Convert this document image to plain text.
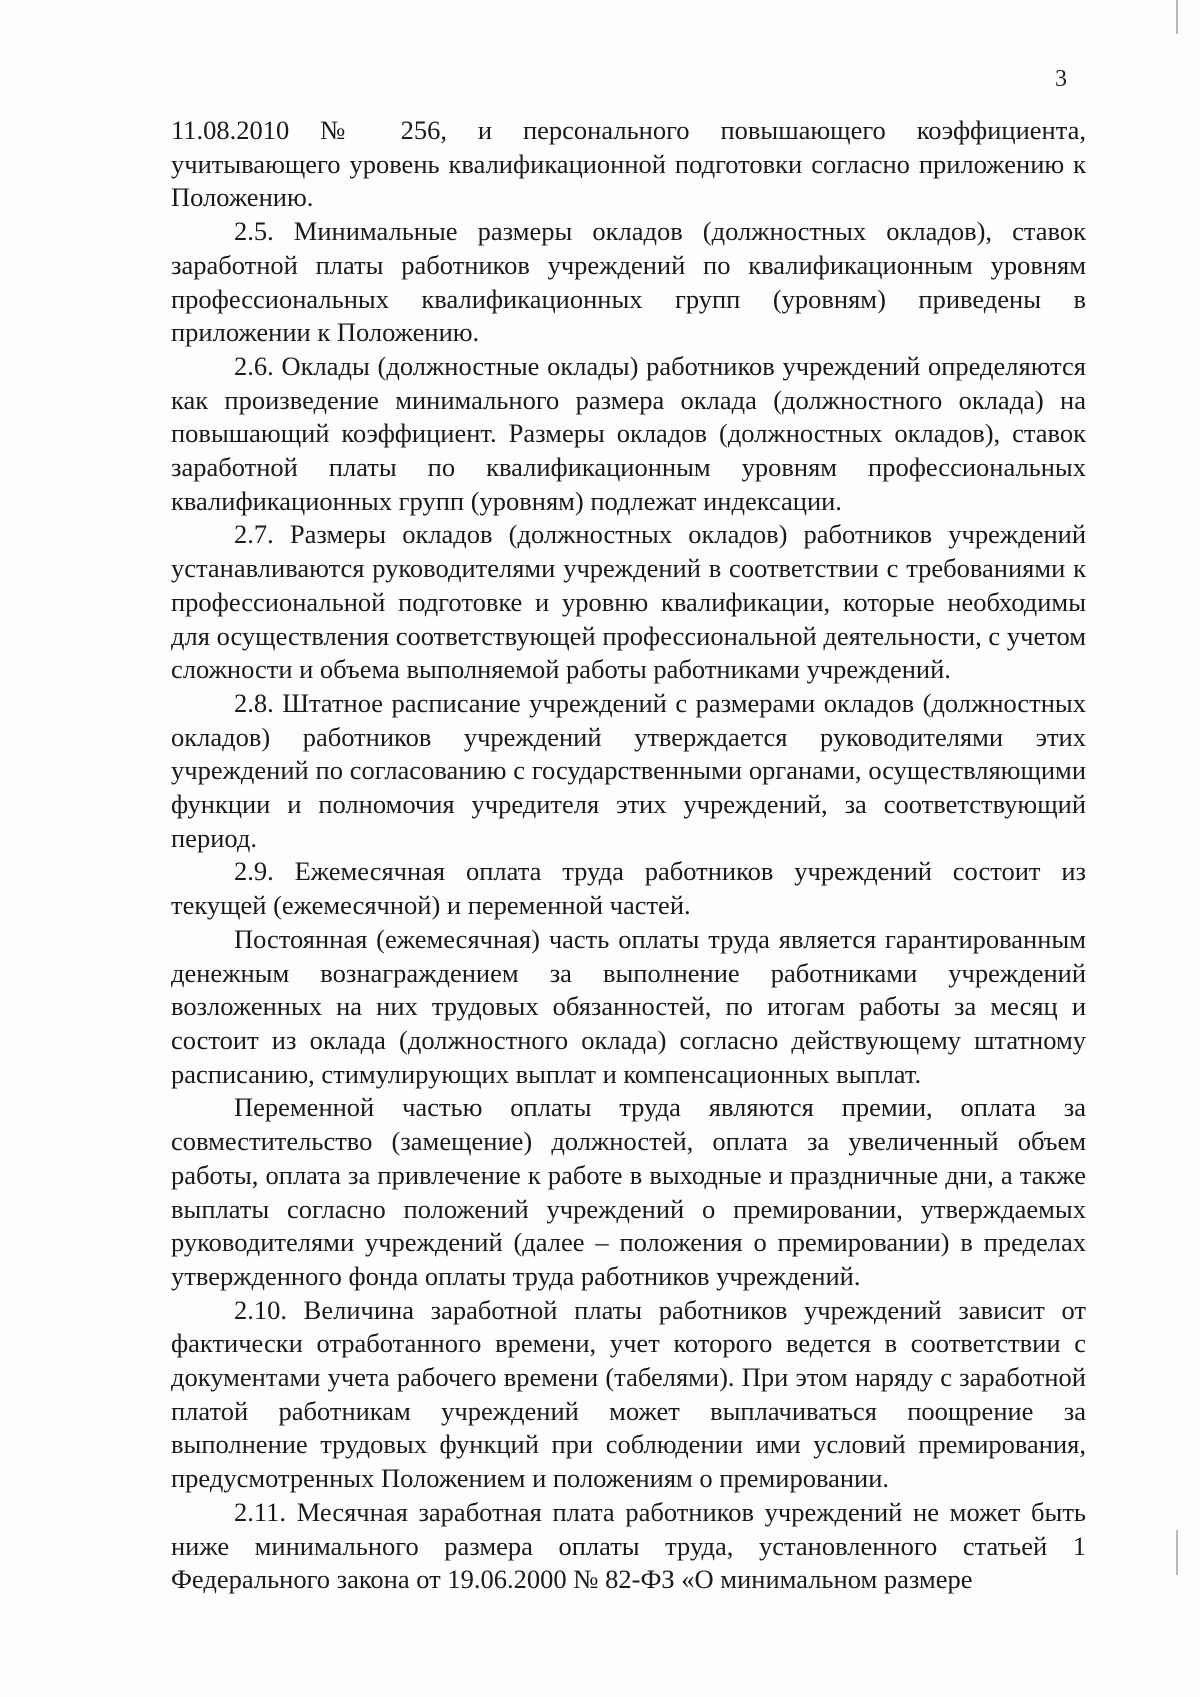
3

11.08.2010 № 256, и персонального повышающего коэффициента, учитывающего уровень квалификационной подготовки согласно приложению к Положению.

2.5. Минимальные размеры окладов (должностных окладов), ставок заработной платы работников учреждений по квалификационным уровням профессиональных квалификационных групп (уровням) приведены в приложении к Положению.

2.6. Оклады (должностные оклады) работников учреждений определяются как произведение минимального размера оклада (должностного оклада) на повышающий коэффициент. Размеры окладов (должностных окладов), ставок заработной платы по квалификационным уровням профессиональных квалификационных групп (уровням) подлежат индексации.

2.7. Размеры окладов (должностных окладов) работников учреждений устанавливаются руководителями учреждений в соответствии с требованиями к профессиональной подготовке и уровню квалификации, которые необходимы для осуществления соответствующей профессиональной деятельности, с учетом сложности и объема выполняемой работы работниками учреждений.

2.8. Штатное расписание учреждений с размерами окладов (должностных окладов) работников учреждений утверждается руководителями этих учреждений по согласованию с государственными органами, осуществляющими функции и полномочия учредителя этих учреждений, за соответствующий период.

2.9. Ежемесячная оплата труда работников учреждений состоит из текущей (ежемесячной) и переменной частей.

Постоянная (ежемесячная) часть оплаты труда является гарантированным денежным вознаграждением за выполнение работниками учреждений возложенных на них трудовых обязанностей, по итогам работы за месяц и состоит из оклада (должностного оклада) согласно действующему штатному расписанию, стимулирующих выплат и компенсационных выплат.

Переменной частью оплаты труда являются премии, оплата за совместительство (замещение) должностей, оплата за увеличенный объем работы, оплата за привлечение к работе в выходные и праздничные дни, а также выплаты согласно положений учреждений о премировании, утверждаемых руководителями учреждений (далее – положения о премировании) в пределах утвержденного фонда оплаты труда работников учреждений.

2.10. Величина заработной платы работников учреждений зависит от фактически отработанного времени, учет которого ведется в соответствии с документами учета рабочего времени (табелями). При этом наряду с заработной платой работникам учреждений может выплачиваться поощрение за выполнение трудовых функций при соблюдении ими условий премирования, предусмотренных Положением и положениям о премировании.

2.11. Месячная заработная плата работников учреждений не может быть ниже минимального размера оплаты труда, установленного статьей 1 Федерального закона от 19.06.2000 № 82-ФЗ «О минимальном размере
